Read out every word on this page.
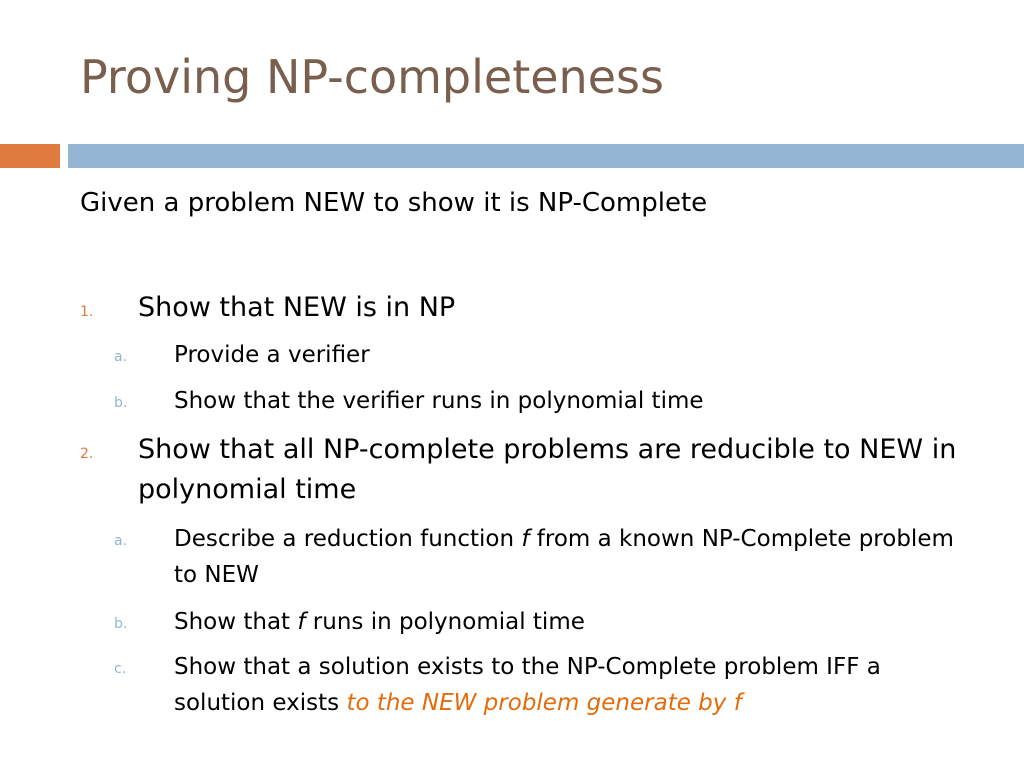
Proving NP-completeness
Given a problem NEW to show it is NP-Complete
1. Show that NEW is in NP
a. Provide a verifier
b. Show that the verifier runs in polynomial time
2. Show that all NP-complete problems are reducible to NEW in polynomial time
a. Describe a reduction function f from a known NP-Complete problem to NEW
b. Show that f runs in polynomial time
c. Show that a solution exists to the NP-Complete problem IFF a solution exists to the NEW problem generate by f
